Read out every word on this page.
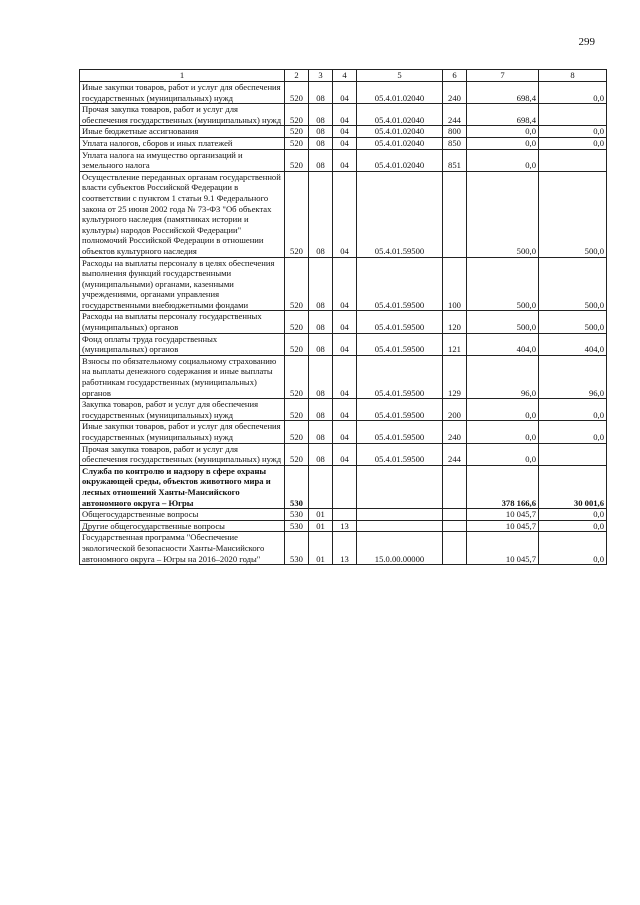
299
1	2	3	4	5	6	7	8
Иные закупки товаров, работ и услуг для обеспечения государственных (муниципальных) нужд	520	08	04	05.4.01.02040	240	698,4	0,0
Прочая закупка товаров, работ и услуг для обеспечения государственных (муниципальных) нужд	520	08	04	05.4.01.02040	244	698,4	
Иные бюджетные ассигнования	520	08	04	05.4.01.02040	800	0,0	0,0
Уплата налогов, сборов и иных платежей	520	08	04	05.4.01.02040	850	0,0	0,0
Уплата налога на имущество организаций и земельного налога	520	08	04	05.4.01.02040	851	0,0	
Осуществление переданных органам государственной власти субъектов Российской Федерации в соответствии с пунктом 1 статьи 9.1 Федерального закона от 25 июня 2002 года № 73-ФЗ "Об объектах культурного наследия (памятниках истории и культуры) народов Российской Федерации" полномочий Российской Федерации в отношении объектов культурного наследия	520	08	04	05.4.01.59500		500,0	500,0
Расходы на выплаты персоналу в целях обеспечения выполнения функций государственными (муниципальными) органами, казенными учреждениями, органами управления государственными внебюджетными фондами	520	08	04	05.4.01.59500	100	500,0	500,0
Расходы на выплаты персоналу государственных (муниципальных) органов	520	08	04	05.4.01.59500	120	500,0	500,0
Фонд оплаты труда государственных (муниципальных) органов	520	08	04	05.4.01.59500	121	404,0	404,0
Взносы по обязательному социальному страхованию на выплаты денежного содержания и иные выплаты работникам государственных (муниципальных) органов	520	08	04	05.4.01.59500	129	96,0	96,0
Закупка товаров, работ и услуг для обеспечения государственных (муниципальных) нужд	520	08	04	05.4.01.59500	200	0,0	0,0
Иные закупки товаров, работ и услуг для обеспечения государственных (муниципальных) нужд	520	08	04	05.4.01.59500	240	0,0	0,0
Прочая закупка товаров, работ и услуг для обеспечения государственных (муниципальных) нужд	520	08	04	05.4.01.59500	244	0,0	
Служба по контролю и надзору в сфере охраны окружающей среды, объектов животного мира и лесных отношений Ханты-Мансийского автономного округа – Югры	530					378 166,6	30 001,6
Общегосударственные вопросы	530	01				10 045,7	0,0
Другие общегосударственные вопросы	530	01	13			10 045,7	0,0
Государственная программа "Обеспечение экологической безопасности Ханты-Мансийского автономного округа – Югры на 2016–2020 годы"	530	01	13	15.0.00.00000		10 045,7	0,0
